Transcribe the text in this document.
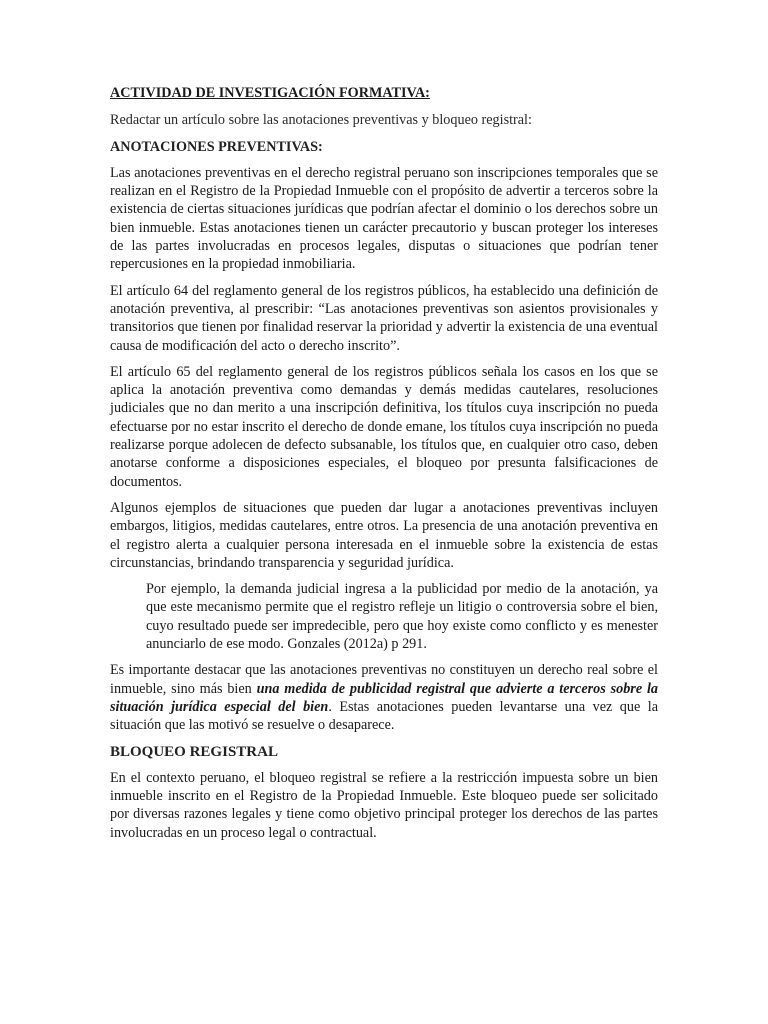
ACTIVIDAD DE INVESTIGACIÓN FORMATIVA:
Redactar un artículo sobre las anotaciones preventivas y bloqueo registral:
ANOTACIONES PREVENTIVAS:

Las anotaciones preventivas en el derecho registral peruano son inscripciones temporales que se realizan en el Registro de la Propiedad Inmueble con el propósito de advertir a terceros sobre la existencia de ciertas situaciones jurídicas que podrían afectar el dominio o los derechos sobre un bien inmueble. Estas anotaciones tienen un carácter precautorio y buscan proteger los intereses de las partes involucradas en procesos legales, disputas o situaciones que podrían tener repercusiones en la propiedad inmobiliaria.

El artículo 64 del reglamento general de los registros públicos, ha establecido una definición de anotación preventiva, al prescribir: “Las anotaciones preventivas son asientos provisionales y transitorios que tienen por finalidad reservar la prioridad y advertir la existencia de una eventual causa de modificación del acto o derecho inscrito”.

El artículo 65 del reglamento general de los registros públicos señala los casos en los que se aplica la anotación preventiva como demandas y demás medidas cautelares, resoluciones judiciales que no dan merito a una inscripción definitiva, los títulos cuya inscripción no pueda efectuarse por no estar inscrito el derecho de donde emane, los títulos cuya inscripción no pueda realizarse porque adolecen de defecto subsanable, los títulos que, en cualquier otro caso, deben anotarse conforme a disposiciones especiales, el bloqueo por presunta falsificaciones de documentos.

Algunos ejemplos de situaciones que pueden dar lugar a anotaciones preventivas incluyen embargos, litigios, medidas cautelares, entre otros. La presencia de una anotación preventiva en el registro alerta a cualquier persona interesada en el inmueble sobre la existencia de estas circunstancias, brindando transparencia y seguridad jurídica.

Por ejemplo, la demanda judicial ingresa a la publicidad por medio de la anotación, ya que este mecanismo permite que el registro refleje un litigio o controversia sobre el bien, cuyo resultado puede ser impredecible, pero que hoy existe como conflicto y es menester anunciarlo de ese modo. Gonzales (2012a) p 291.

Es importante destacar que las anotaciones preventivas no constituyen un derecho real sobre el inmueble, sino más bien una medida de publicidad registral que advierte a terceros sobre la situación jurídica especial del bien. Estas anotaciones pueden levantarse una vez que la situación que las motivó se resuelve o desaparece.

BLOQUEO REGISTRAL

En el contexto peruano, el bloqueo registral se refiere a la restricción impuesta sobre un bien inmueble inscrito en el Registro de la Propiedad Inmueble. Este bloqueo puede ser solicitado por diversas razones legales y tiene como objetivo principal proteger los derechos de las partes involucradas en un proceso legal o contractual.
